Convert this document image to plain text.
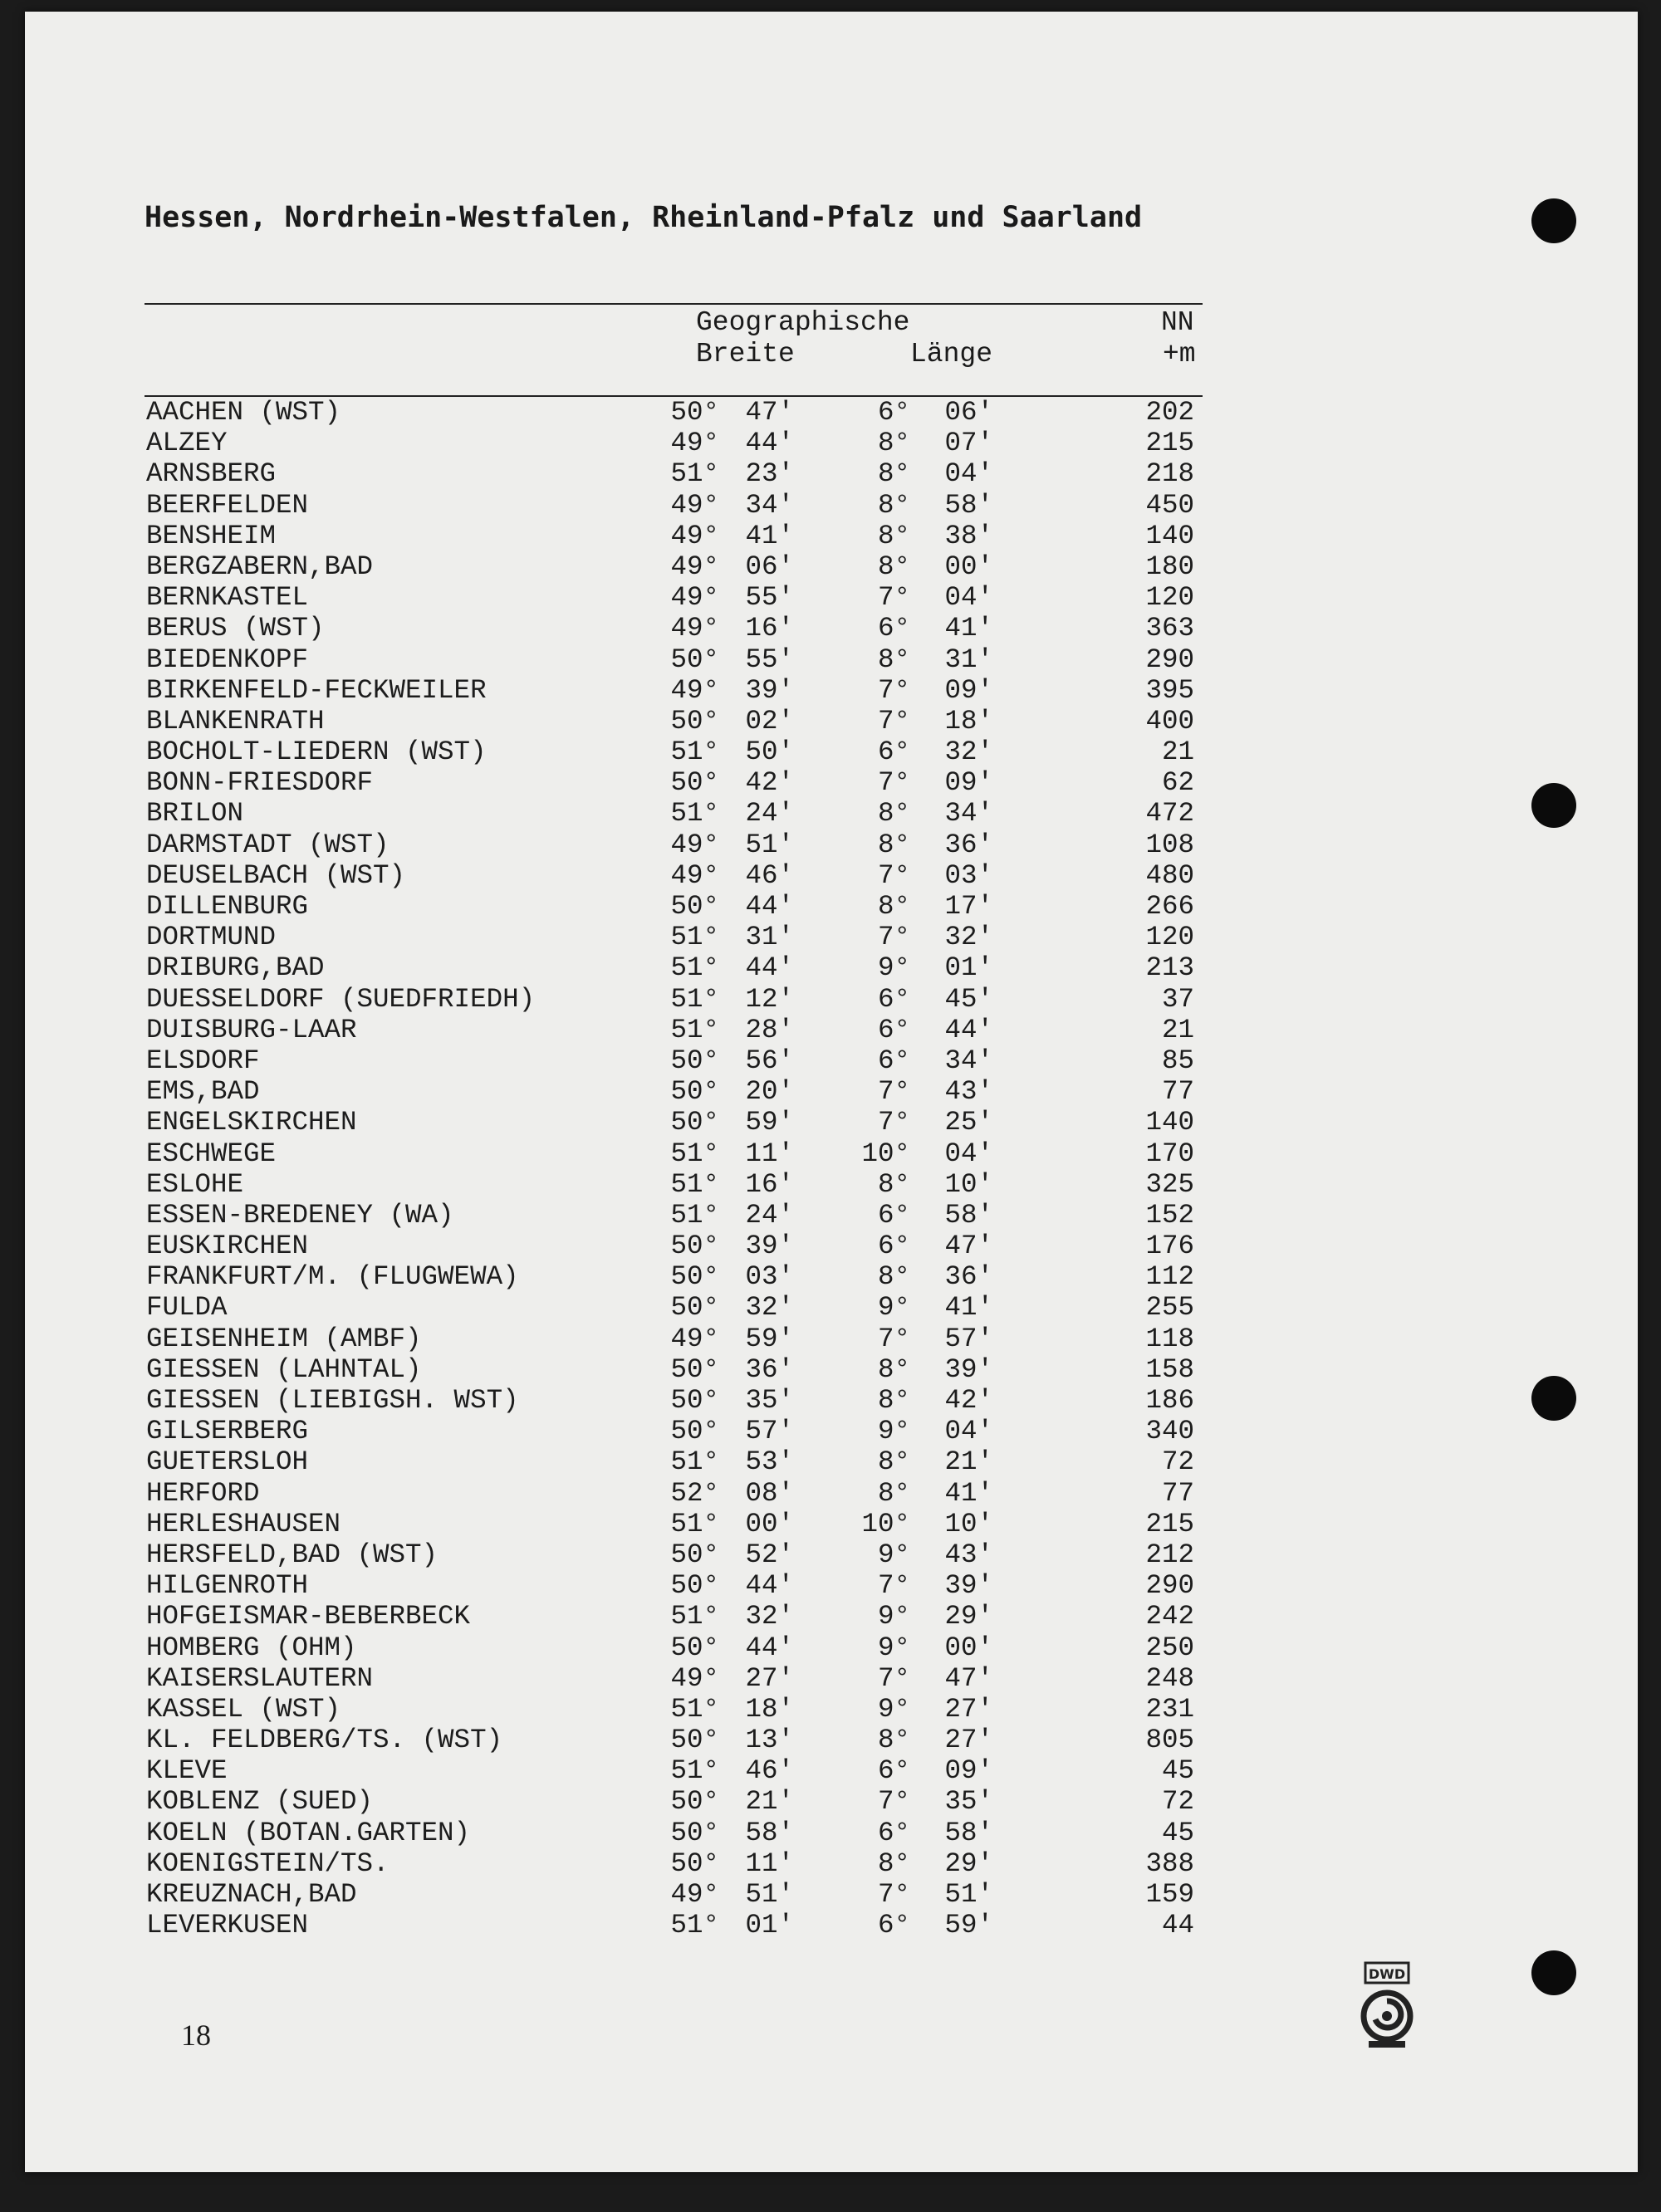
Hessen, Nordrhein-Westfalen, Rheinland-Pfalz und Saarland
Geographische	NN
Breite	Länge	+m
AACHEN (WST)	50° 47′	6°	06′	202
ALZEY	49° 44′	8°	07′	215
ARNSBERG	51° 23′	8°	04′	218
BEERFELDEN	49° 34′	8°	58′	450
BENSHEIM	49° 41′	8°	38′	140
BERGZABERN,BAD	49° 06′	8°	00′	180
BERNKASTEL	49° 55′	7°	04′	120
BERUS (WST)	49° 16′	6°	41′	363
BIEDENKOPF	50° 55′	8°	31′	290
BIRKENFELD-FECKWEILER	49° 39′	7°	09′	395
BLANKENRATH	50° 02′	7°	18′	400
BOCHOLT-LIEDERN (WST)	51° 50′	6°	32′	21
BONN-FRIESDORF	50° 42′	7°	09′	62
BRILON	51° 24′	8°	34′	472
DARMSTADT (WST)	49° 51′	8°	36′	108
DEUSELBACH (WST)	49° 46′	7°	03′	480
DILLENBURG	50° 44′	8°	17′	266
DORTMUND	51° 31′	7°	32′	120
DRIBURG,BAD	51° 44′	9°	01′	213
DUESSELDORF (SUEDFRIEDH)	51° 12′	6°	45′	37
DUISBURG-LAAR	51° 28′	6°	44′	21
ELSDORF	50° 56′	6°	34′	85
EMS,BAD	50° 20′	7°	43′	77
ENGELSKIRCHEN	50° 59′	7°	25′	140
ESCHWEGE	51° 11′	10°	04′	170
ESLOHE	51° 16′	8°	10′	325
ESSEN-BREDENEY (WA)	51° 24′	6°	58′	152
EUSKIRCHEN	50° 39′	6°	47′	176
FRANKFURT/M. (FLUGWEWA)	50° 03′	8°	36′	112
FULDA	50° 32′	9°	41′	255
GEISENHEIM (AMBF)	49° 59′	7°	57′	118
GIESSEN (LAHNTAL)	50° 36′	8°	39′	158
GIESSEN (LIEBIGSH. WST)	50° 35′	8°	42′	186
GILSERBERG	50° 57′	9°	04′	340
GUETERSLOH	51° 53′	8°	21′	72
HERFORD	52° 08′	8°	41′	77
HERLESHAUSEN	51° 00′	10°	10′	215
HERSFELD,BAD (WST)	50° 52′	9°	43′	212
HILGENROTH	50° 44′	7°	39′	290
HOFGEISMAR-BEBERBECK	51° 32′	9°	29′	242
HOMBERG (OHM)	50° 44′	9°	00′	250
KAISERSLAUTERN	49° 27′	7°	47′	248
KASSEL (WST)	51° 18′	9°	27′	231
KL. FELDBERG/TS. (WST)	50° 13′	8°	27′	805
KLEVE	51° 46′	6°	09′	45
KOBLENZ (SUED)	50° 21′	7°	35′	72
KOELN (BOTAN.GARTEN)	50° 58′	6°	58′	45
KOENIGSTEIN/TS.	50° 11′	8°	29′	388
KREUZNACH,BAD	49° 51′	7°	51′	159
LEVERKUSEN	51° 01′	6°	59′	44
18
DWD
